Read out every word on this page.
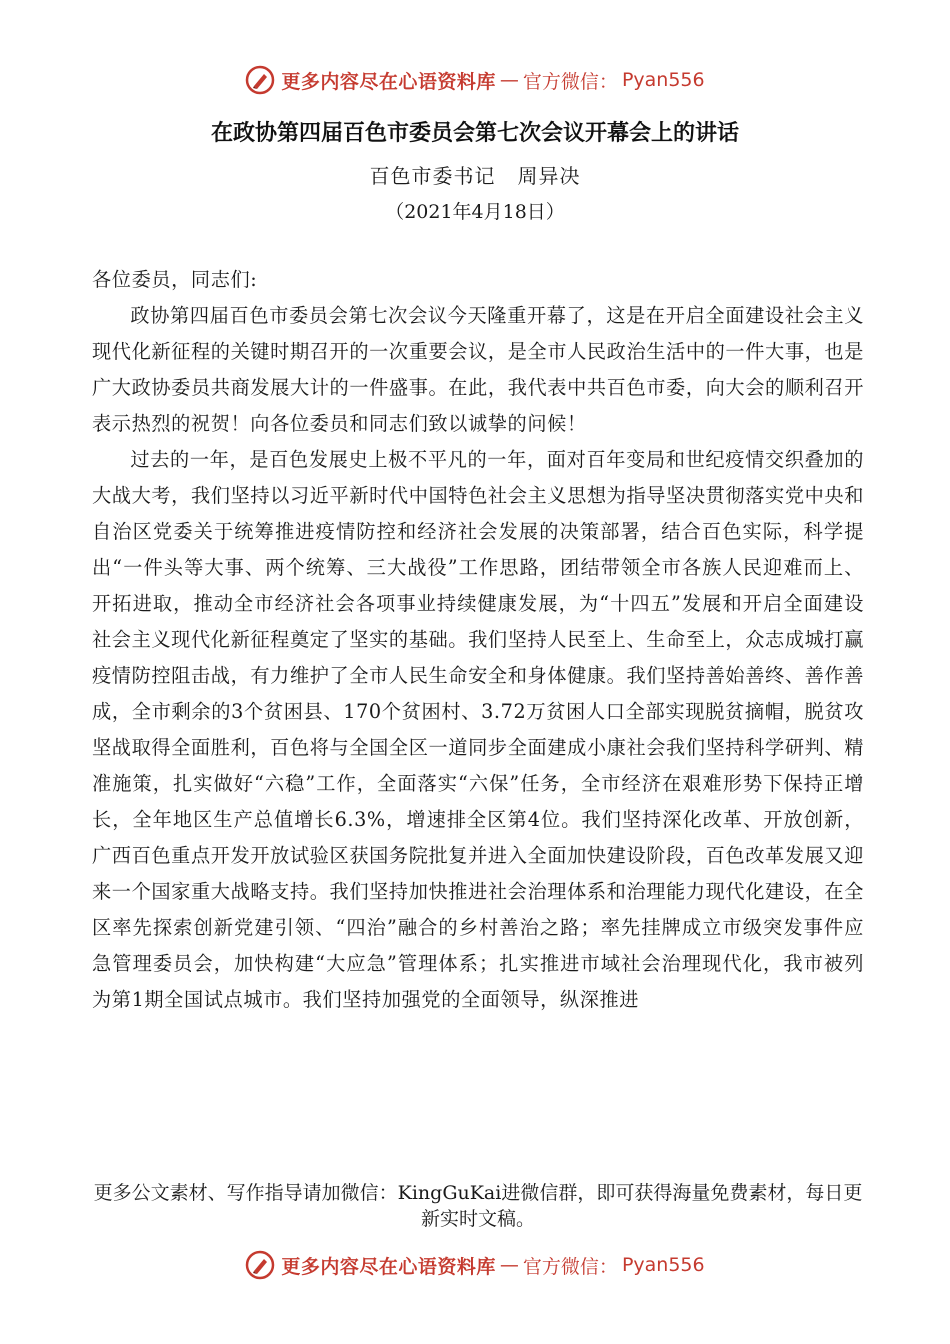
更多内容尽在心语资料库 — 官方微信： Pyan556
在政协第四届百色市委员会第七次会议开幕会上的讲话
百色市委书记 周异决
（2021年4月18日）

各位委员，同志们:

政协第四届百色市委员会第七次会议今天隆重开幕了，这是在开启全面建设社会主义现代化新征程的关键时期召开的一次重要会议，是全市人民政治生活中的一件大事，也是广大政协委员共商发展大计的一件盛事。在此，我代表中共百色市委，向大会的顺利召开表示热烈的祝贺！向各位委员和同志们致以诚挚的问候！

过去的一年，是百色发展史上极不平凡的一年，面对百年变局和世纪疫情交织叠加的大战大考，我们坚持以习近平新时代中国特色社会主义思想为指导坚决贯彻落实党中央和自治区党委关于统筹推进疫情防控和经济社会发展的决策部署，结合百色实际，科学提出“一件头等大事、两个统筹、三大战役”工作思路，团结带领全市各族人民迎难而上、开拓进取，推动全市经济社会各项事业持续健康发展，为“十四五”发展和开启全面建设社会主义现代化新征程奠定了坚实的基础。我们坚持人民至上、生命至上，众志成城打赢疫情防控阻击战，有力维护了全市人民生命安全和身体健康。我们坚持善始善终、善作善成，全市剩余的3个贫困县、170个贫困村、3.72万贫困人口全部实现脱贫摘帽，脱贫攻坚战取得全面胜利，百色将与全国全区一道同步全面建成小康社会我们坚持科学研判、精准施策，扎实做好“六稳”工作，全面落实“六保”任务，全市经济在艰难形势下保持正增长，全年地区生产总值增长6.3%，增速排全区第4位。我们坚持深化改革、开放创新，广西百色重点开发开放试验区获国务院批复并进入全面加快建设阶段，百色改革发展又迎来一个国家重大战略支持。我们坚持加快推进社会治理体系和治理能力现代化建设，在全区率先探索创新党建引领、“四治”融合的乡村善治之路；率先挂牌成立市级突发事件应急管理委员会，加快构建“大应急”管理体系；扎实推进市域社会治理现代化，我市被列为第1期全国试点城市。我们坚持加强党的全面领导，纵深推进

更多公文素材、写作指导请加微信：KingGuKai进微信群，即可获得海量免费素材，每日更新实时文稿。
更多内容尽在心语资料库 — 官方微信： Pyan556
